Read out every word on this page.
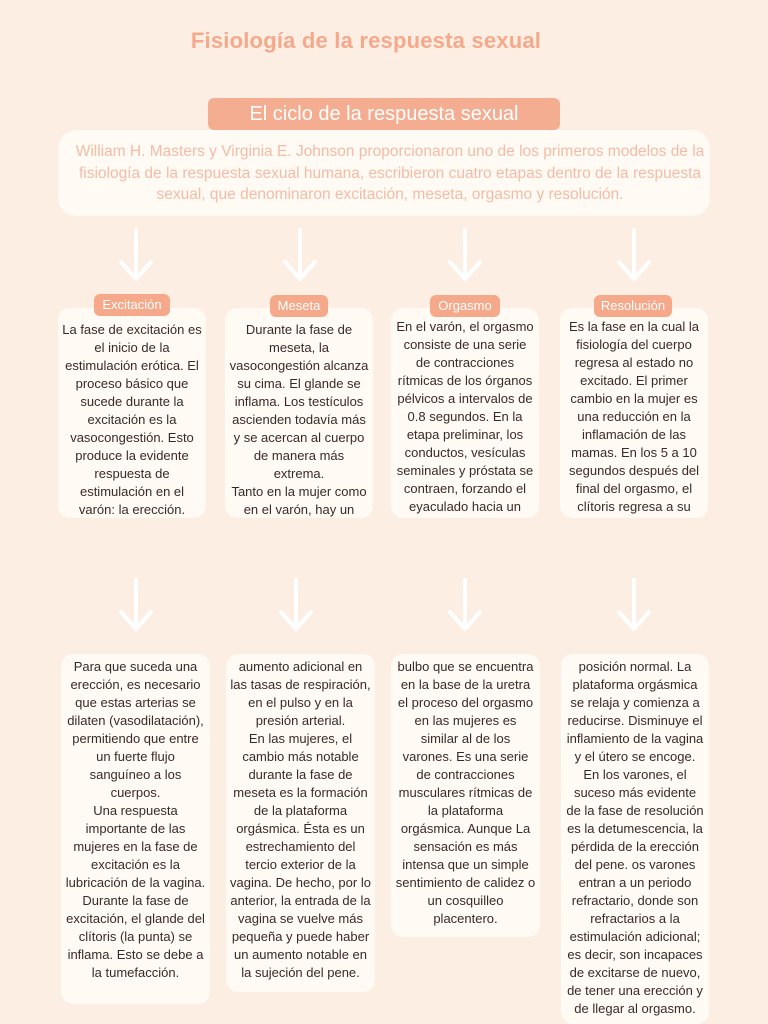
Fisiología de la respuesta sexual
El ciclo de la respuesta sexual

William H. Masters y Virginia E. Johnson proporcionaron uno de los primeros modelos de la fisiología de la respuesta sexual humana, escribieron cuatro etapas dentro de la respuesta sexual, que denominaron excitación, meseta, orgasmo y resolución.

La fase de excitación es el inicio de la estimulación erótica. El proceso básico que sucede durante la excitación es la vasocongestión. Esto produce la evidente respuesta de estimulación en el varón: la erección.

Durante la fase de meseta, la vasocongestión alcanza su cima. El glande se inflama. Los testículos ascienden todavía más y se acercan al cuerpo de manera más extrema.
Tanto en la mujer como en el varón, hay un

En el varón, el orgasmo consiste de una serie de contracciones rítmicas de los órganos pélvicos a intervalos de 0.8 segundos. En la etapa preliminar, los conductos, vesículas seminales y próstata se contraen, forzando el eyaculado hacia un

Es la fase en la cual la fisiología del cuerpo regresa al estado no excitado. El primer cambio en la mujer es una reducción en la inflamación de las mamas. En los 5 a 10 segundos después del final del orgasmo, el clítoris regresa a su

Excitación	Meseta	Orgasmo	Resolución

Para que suceda una erección, es necesario que estas arterias se dilaten (vasodilatación), permitiendo que entre un fuerte flujo sanguíneo a los cuerpos.
Una respuesta importante de las mujeres en la fase de excitación es la lubricación de la vagina. Durante la fase de excitación, el glande del clítoris (la punta) se inflama. Esto se debe a la tumefacción.

aumento adicional en las tasas de respiración, en el pulso y en la presión arterial.
En las mujeres, el cambio más notable durante la fase de meseta es la formación de la plataforma orgásmica. Ésta es un estrechamiento del tercio exterior de la vagina. De hecho, por lo anterior, la entrada de la vagina se vuelve más pequeña y puede haber un aumento notable en la sujeción del pene.

bulbo que se encuentra en la base de la uretra el proceso del orgasmo en las mujeres es similar al de los varones. Es una serie de contracciones musculares rítmicas de la plataforma orgásmica. Aunque La sensación es más intensa que un simple sentimiento de calidez o un cosquilleo placentero.

posición normal. La plataforma orgásmica se relaja y comienza a reducirse. Disminuye el inflamiento de la vagina y el útero se encoge. En los varones, el suceso más evidente de la fase de resolución es la detumescencia, la pérdida de la erección del pene. os varones entran a un periodo refractario, donde son refractarios a la estimulación adicional; es decir, son incapaces de excitarse de nuevo, de tener una erección y de llegar al orgasmo.
